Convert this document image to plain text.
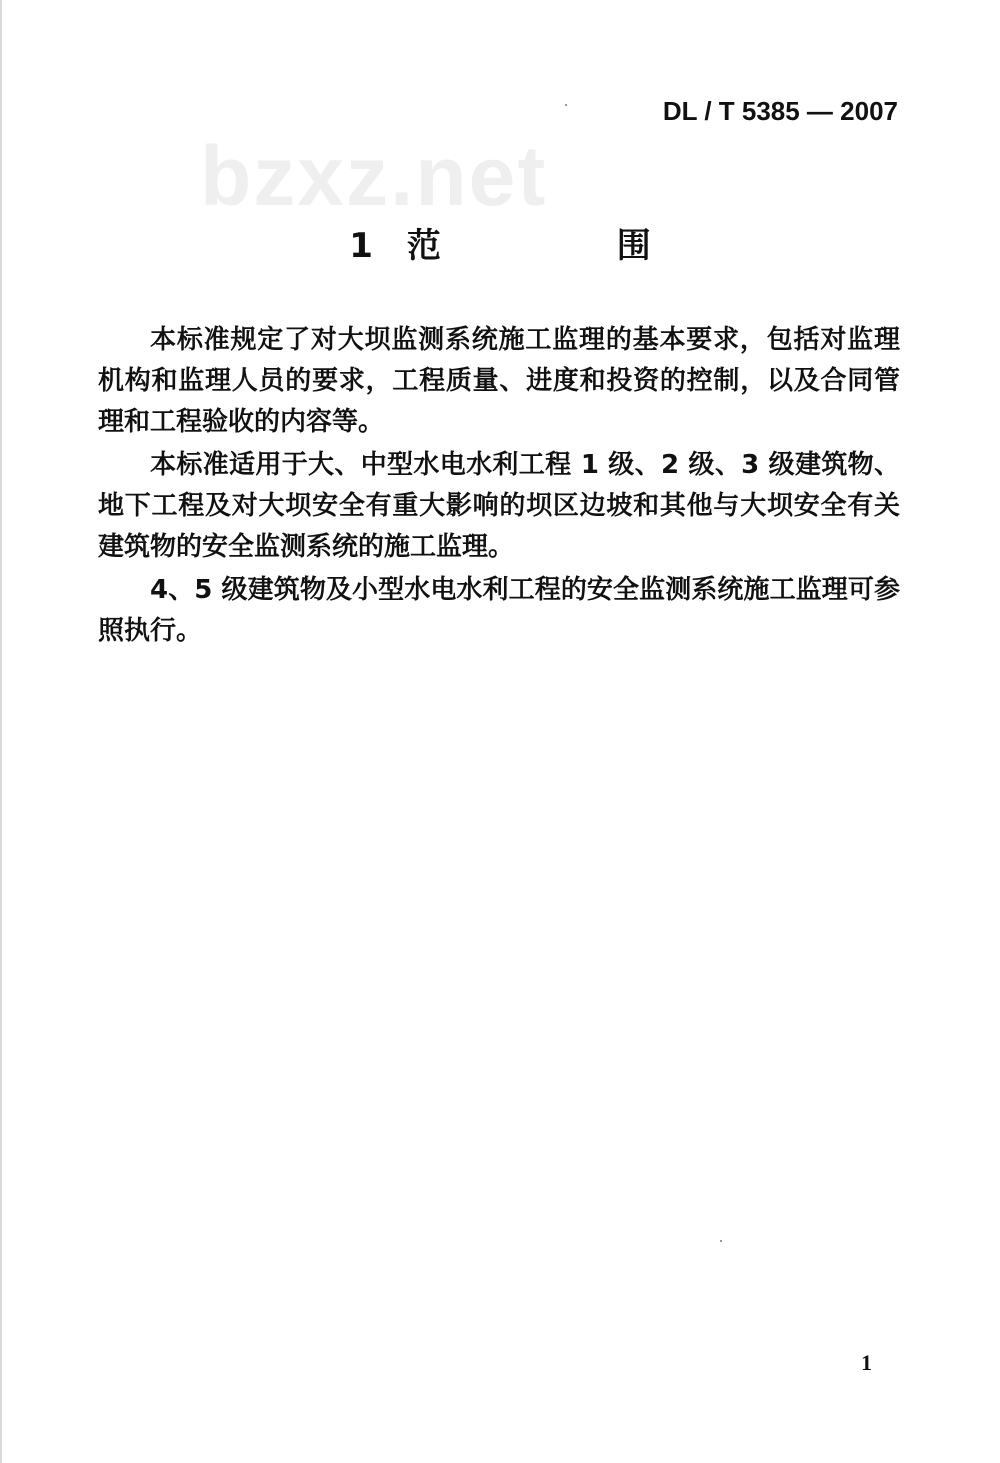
DL / T 5385 — 2007
bzxz.net
1 范 围

本标准规定了对大坝监测系统施工监理的基本要求，包括对监理机构和监理人员的要求，工程质量、进度和投资的控制，以及合同管理和工程验收的内容等。

本标准适用于大、中型水电水利工程 1 级、2 级、3 级建筑物、地下工程及对大坝安全有重大影响的坝区边坡和其他与大坝安全有关建筑物的安全监测系统的施工监理。

4、5 级建筑物及小型水电水利工程的安全监测系统施工监理可参照执行。

1
